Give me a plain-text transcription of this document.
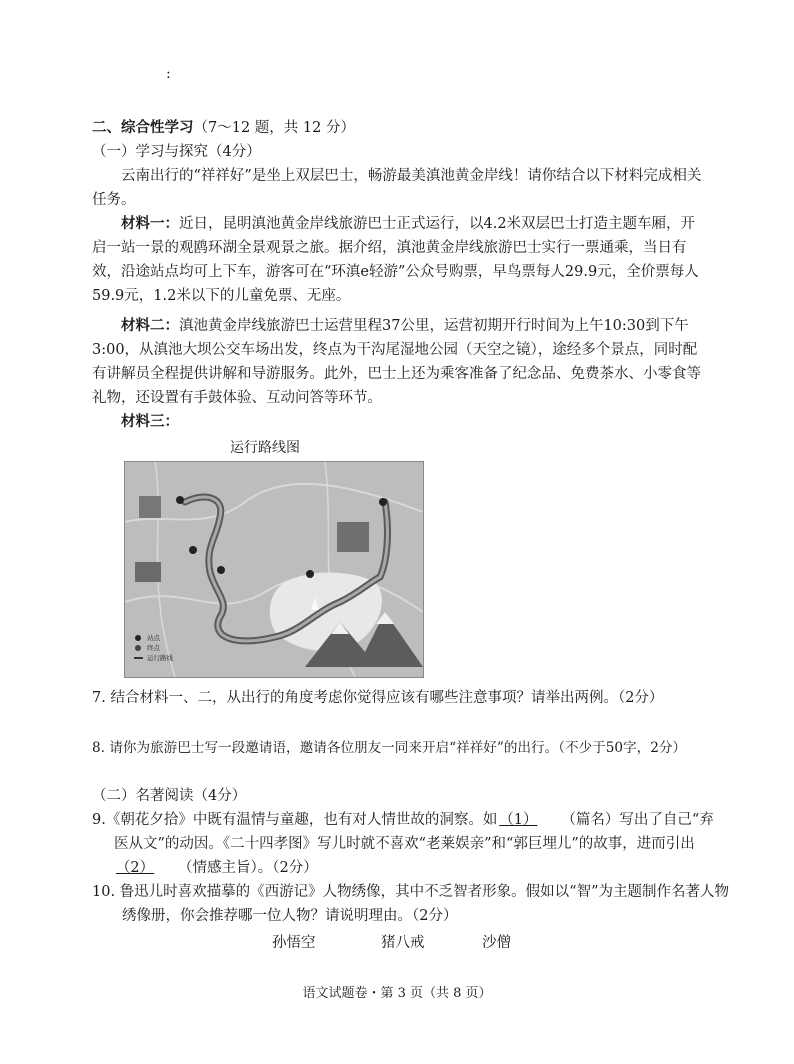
:
二、综合性学习（7～12 题，共 12 分）
（一）学习与探究（4分）
云南出行的“祥祥好”是坐上双层巴士，畅游最美滇池黄金岸线！请你结合以下材料完成相关任务。
材料一：近日，昆明滇池黄金岸线旅游巴士正式运行，以4.2米双层巴士打造主题车厢，开启一站一景的观鸥环湖全景观景之旅。据介绍，滇池黄金岸线旅游巴士实行一票通乘，当日有效，沿途站点均可上下车，游客可在“环滇e轻游”公众号购票，早鸟票每人29.9元，全价票每人59.9元，1.2米以下的儿童免票、无座。
材料二：滇池黄金岸线旅游巴士运营里程37公里，运营初期开行时间为上午10:30到下午3:00，从滇池大坝公交车场出发，终点为干沟尾湿地公园（天空之镜），途经多个景点，同时配有讲解员全程提供讲解和导游服务。此外，巴士上还为乘客准备了纪念品、免费茶水、小零食等礼物，还设置有手鼓体验、互动问答等环节。
材料三：
运行路线图
站点
终点
运行路线
7. 结合材料一、二，从出行的角度考虑你觉得应该有哪些注意事项？请举出两例。（2分）
8. 请你为旅游巴士写一段邀请语，邀请各位朋友一同来开启“祥祥好”的出行。（不少于50字，2分）
（二）名著阅读（4分）
9.《朝花夕拾》中既有温情与童趣，也有对人情世故的洞察。如 （1） （篇名）写出了自己“弃医从文”的动因。《二十四孝图》写儿时就不喜欢“老莱娱亲”和“郭巨埋儿”的故事，进而引出（2） （情感主旨）。（2分）
10. 鲁迅儿时喜欢描摹的《西游记》人物绣像，其中不乏智者形象。假如以“智”为主题制作名著人物绣像册，你会推荐哪一位人物？请说明理由。（2分）
孙悟空	猪八戒	沙僧
语文试题卷・第 3 页（共 8 页）
